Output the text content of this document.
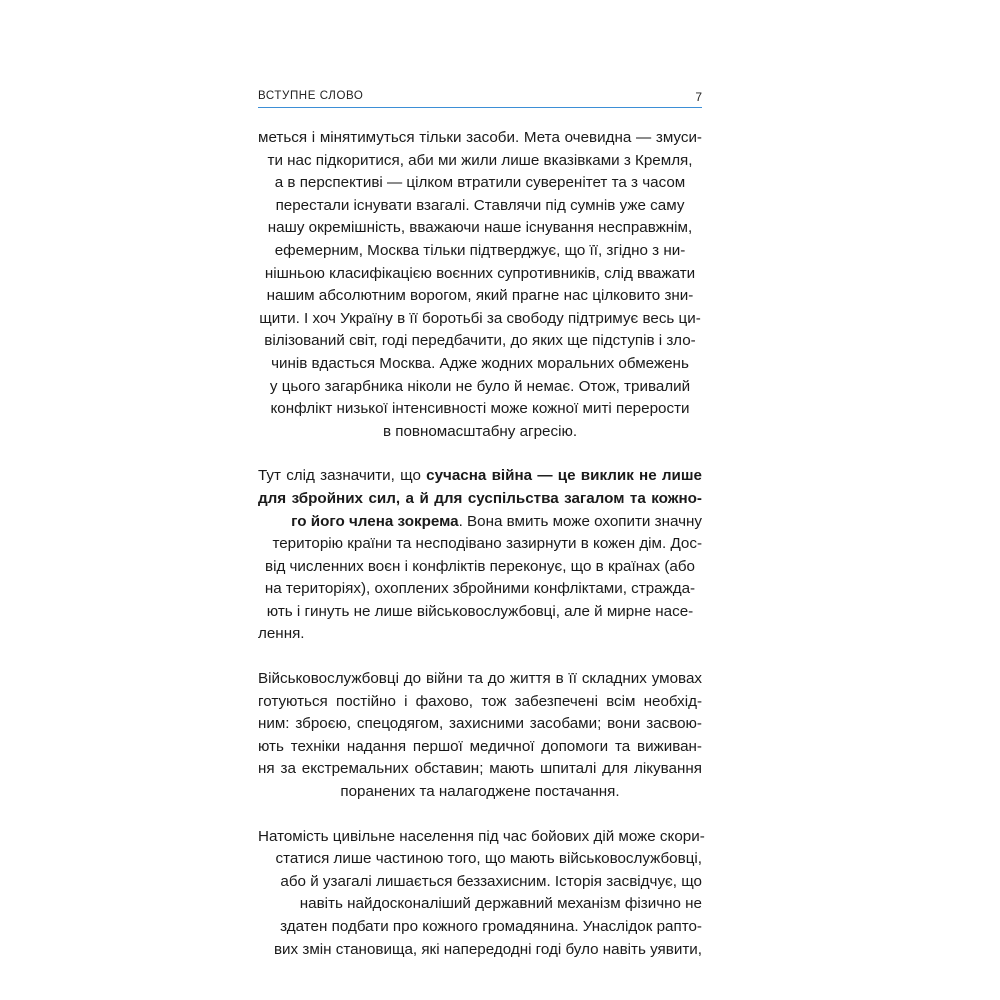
ВСТУПНЕ СЛОВО	7

меться і мінятимуться тільки засоби. Мета очевидна — змуси-
ти нас підкоритися, аби ми жили лише вказівками з Кремля,
а в перспективі — цілком втратили суверенітет та з часом
перестали існувати взагалі. Ставлячи під сумнів уже саму
нашу окремішність, вважаючи наше існування несправжнім,
ефемерним, Москва тільки підтверджує, що її, згідно з ни-
нішньою класифікацією воєнних супротивників, слід вважати
нашим абсолютним ворогом, який прагне нас цілковито зни-
щити. І хоч Україну в її боротьбі за свободу підтримує весь ци-
вілізований світ, годі передбачити, до яких ще підступів і зло-
чинів вдасться Москва. Адже жодних моральних обмежень
у цього загарбника ніколи не було й немає. Отож, тривалий
конфлікт низької інтенсивності може кожної миті перерости
в повномасштабну агресію.

Тут слід зазначити, що сучасна війна — це виклик не лише
для збройних сил, а й для суспільства загалом та кожно-
го його члена зокрема. Вона вмить може охопити значну
територію країни та несподівано зазирнути в кожен дім. Дос-
від численних воєн і конфліктів переконує, що в країнах (або
на територіях), охоплених збройними конфліктами, стражда-
ють і гинуть не лише військовослужбовці, але й мирне насе-
лення.

Військовослужбовці до війни та до життя в її складних умовах
готуються постійно і фахово, тож забезпечені всім необхід-
ним: зброєю, спецодягом, захисними засобами; вони засвою-
ють техніки надання першої медичної допомоги та виживан-
ня за екстремальних обставин; мають шпиталі для лікування
поранених та налагоджене постачання.

Натомість цивільне населення під час бойових дій може скори-
статися лише частиною того, що мають військовослужбовці,
або й узагалі лишається беззахисним. Історія засвідчує, що
навіть найдосконаліший державний механізм фізично не
здатен подбати про кожного громадянина. Унаслідок рапто-
вих змін становища, які напередодні годі було навіть уявити,
